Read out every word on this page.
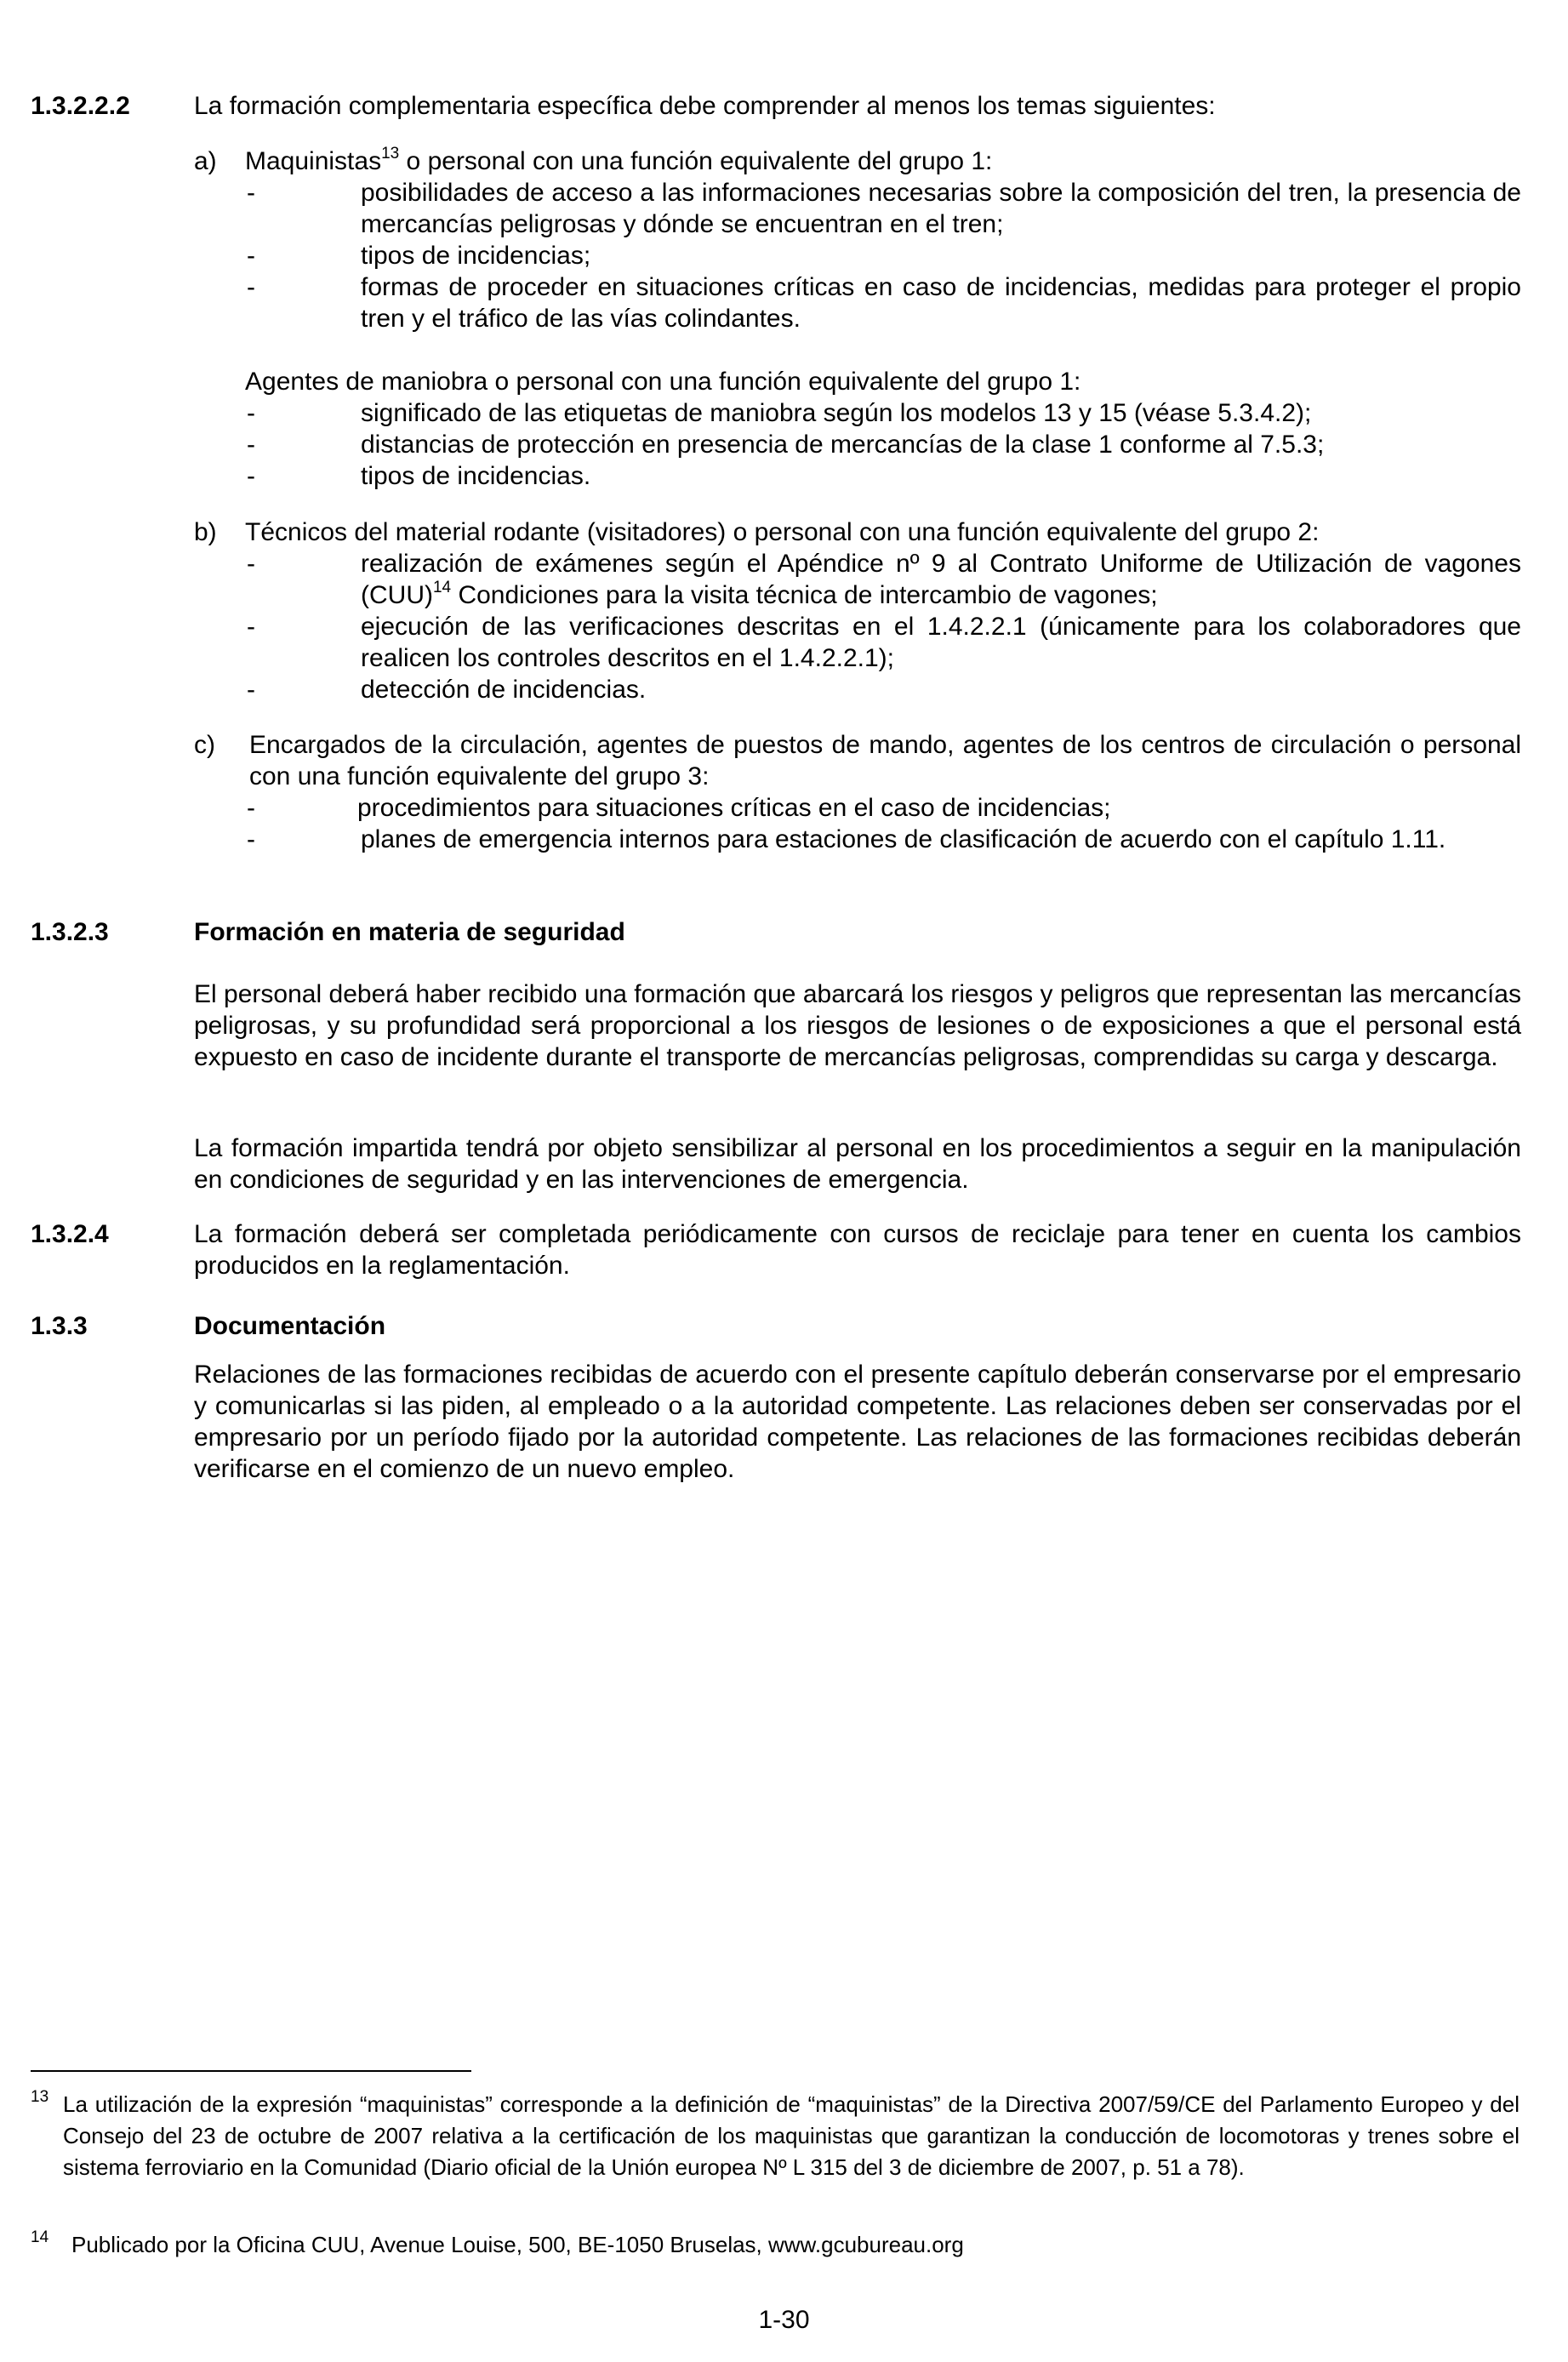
1.3.2.2.2	La formación complementaria específica debe comprender al menos los temas siguientes:
a) Maquinistas$^{13}$ o personal con una función equivalente del grupo 1:
-	posibilidades de acceso a las informaciones necesarias sobre la composición del tren, la presencia de mercancías peligrosas y dónde se encuentran en el tren;
-	tipos de incidencias;
-	formas de proceder en situaciones críticas en caso de incidencias, medidas para proteger el propio tren y el tráfico de las vías colindantes.
Agentes de maniobra o personal con una función equivalente del grupo 1:
-	significado de las etiquetas de maniobra según los modelos 13 y 15 (véase 5.3.4.2);
-	distancias de protección en presencia de mercancías de la clase 1 conforme al 7.5.3;
-	tipos de incidencias.
b) Técnicos del material rodante (visitadores) o personal con una función equivalente del grupo 2:
-	realización de exámenes según el Apéndice nº 9 al Contrato Uniforme de Utilización de vagones (CUU)$^{14}$ Condiciones para la visita técnica de intercambio de vagones;
-	ejecución de las verificaciones descritas en el 1.4.2.2.1 (únicamente para los colaboradores que realicen los controles descritos en el 1.4.2.2.1);
-	detección de incidencias.
c) Encargados de la circulación, agentes de puestos de mando, agentes de los centros de circulación o personal con una función equivalente del grupo 3:
-	procedimientos para situaciones críticas en el caso de incidencias;
-	planes de emergencia internos para estaciones de clasificación de acuerdo con el capítulo 1.11.
1.3.2.3	Formación en materia de seguridad
El personal deberá haber recibido una formación que abarcará los riesgos y peligros que representan las mercancías peligrosas, y su profundidad será proporcional a los riesgos de lesiones o de exposiciones a que el personal está expuesto en caso de incidente durante el transporte de mercancías peligrosas, comprendidas su carga y descarga.
La formación impartida tendrá por objeto sensibilizar al personal en los procedimientos a seguir en la manipulación en condiciones de seguridad y en las intervenciones de emergencia.
1.3.2.4	La formación deberá ser completada periódicamente con cursos de reciclaje para tener en cuenta los cambios producidos en la reglamentación.
1.3.3	Documentación
Relaciones de las formaciones recibidas de acuerdo con el presente capítulo deberán conservarse por el empresario y comunicarlas si las piden, al empleado o a la autoridad competente. Las relaciones deben ser conservadas por el empresario por un período fijado por la autoridad competente. Las relaciones de las formaciones recibidas deberán verificarse en el comienzo de un nuevo empleo.
$^{13}$ La utilización de la expresión “maquinistas” corresponde a la definición de “maquinistas” de la Directiva 2007/59/CE del Parlamento Europeo y del Consejo del 23 de octubre de 2007 relativa a la certificación de los maquinistas que garantizan la conducción de locomotoras y trenes sobre el sistema ferroviario en la Comunidad (Diario oficial de la Unión europea Nº L 315 del 3 de diciembre de 2007, p. 51 a 78).
$^{14}$ Publicado por la Oficina CUU, Avenue Louise, 500, BE-1050 Bruselas, www.gcubureau.org
1-30
